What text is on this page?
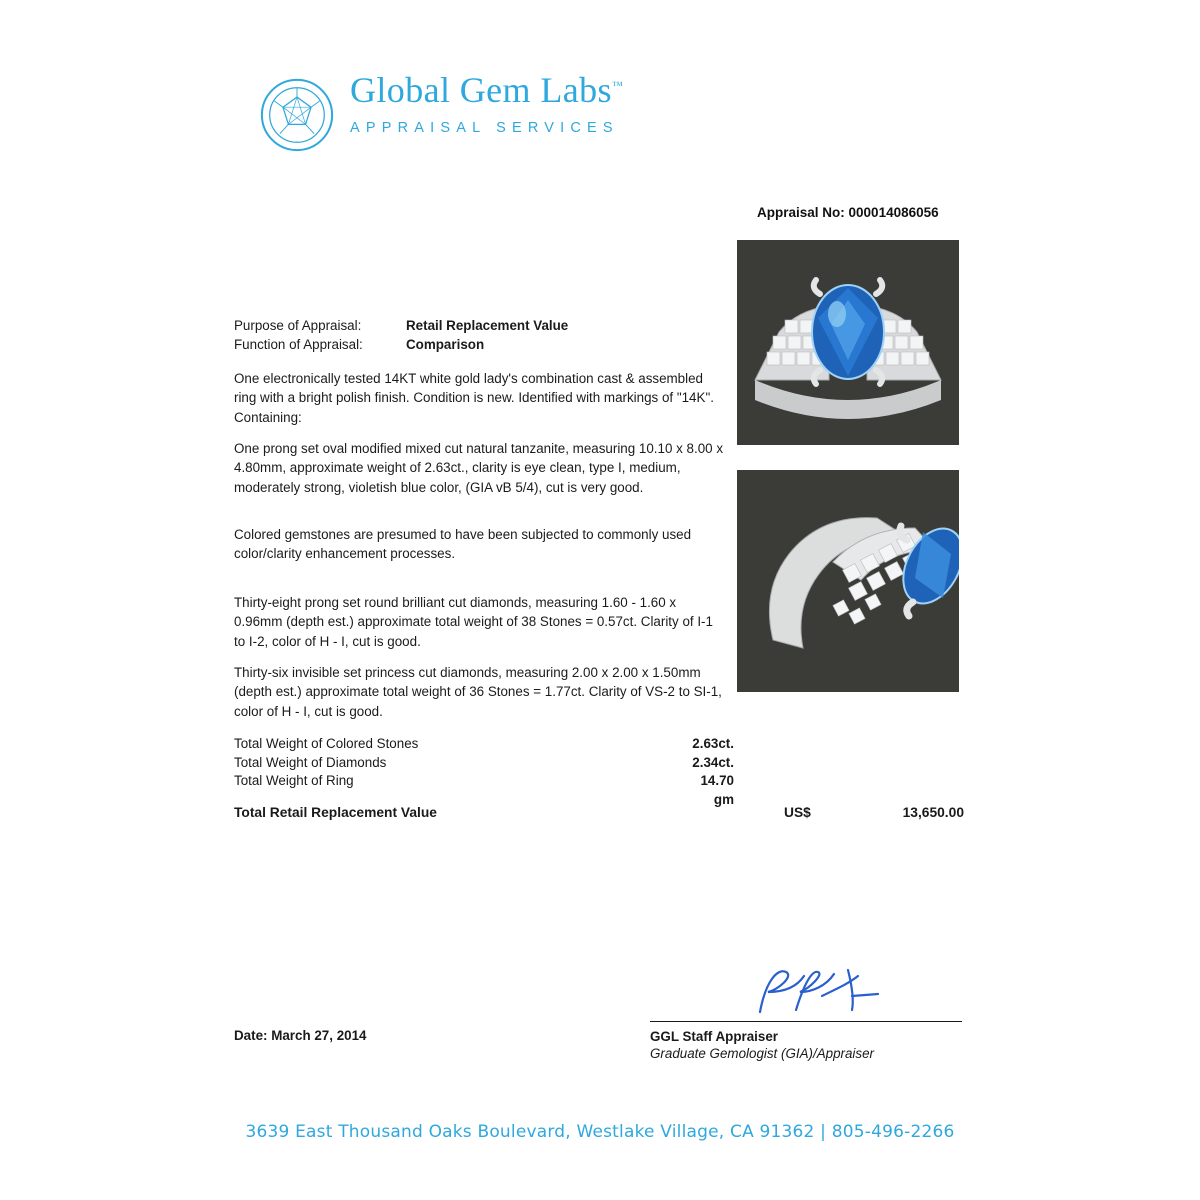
Global Gem Labs™
APPRAISAL SERVICES
Appraisal No: 000014086056
Purpose of Appraisal:	Retail Replacement Value
Function of Appraisal:	Comparison

One electronically tested 14KT white gold lady's combination cast & assembled ring with a bright polish finish. Condition is new. Identified with markings of "14K". Containing:

One prong set oval modified mixed cut natural tanzanite, measuring 10.10 x 8.00 x 4.80mm, approximate weight of 2.63ct., clarity is eye clean, type I, medium, moderately strong, violetish blue color, (GIA vB 5/4), cut is very good.

Colored gemstones are presumed to have been subjected to commonly used color/clarity enhancement processes.

Thirty-eight prong set round brilliant cut diamonds, measuring 1.60 - 1.60 x 0.96mm (depth est.) approximate total weight of 38 Stones = 0.57ct. Clarity of I-1 to I-2, color of H - I, cut is good.

Thirty-six invisible set princess cut diamonds, measuring 2.00 x 2.00 x 1.50mm (depth est.) approximate total weight of 36 Stones = 1.77ct. Clarity of VS-2 to SI-1, color of H - I, cut is good.

Total Weight of Colored Stones	2.63ct.
Total Weight of Diamonds	2.34ct.
Total Weight of Ring	14.70 gm
Total Retail Replacement Value	US$	13,650.00
GGL Staff Appraiser
Graduate Gemologist (GIA)/Appraiser
Date: March 27, 2014
3639 East Thousand Oaks Boulevard, Westlake Village, CA 91362 | 805-496-2266
